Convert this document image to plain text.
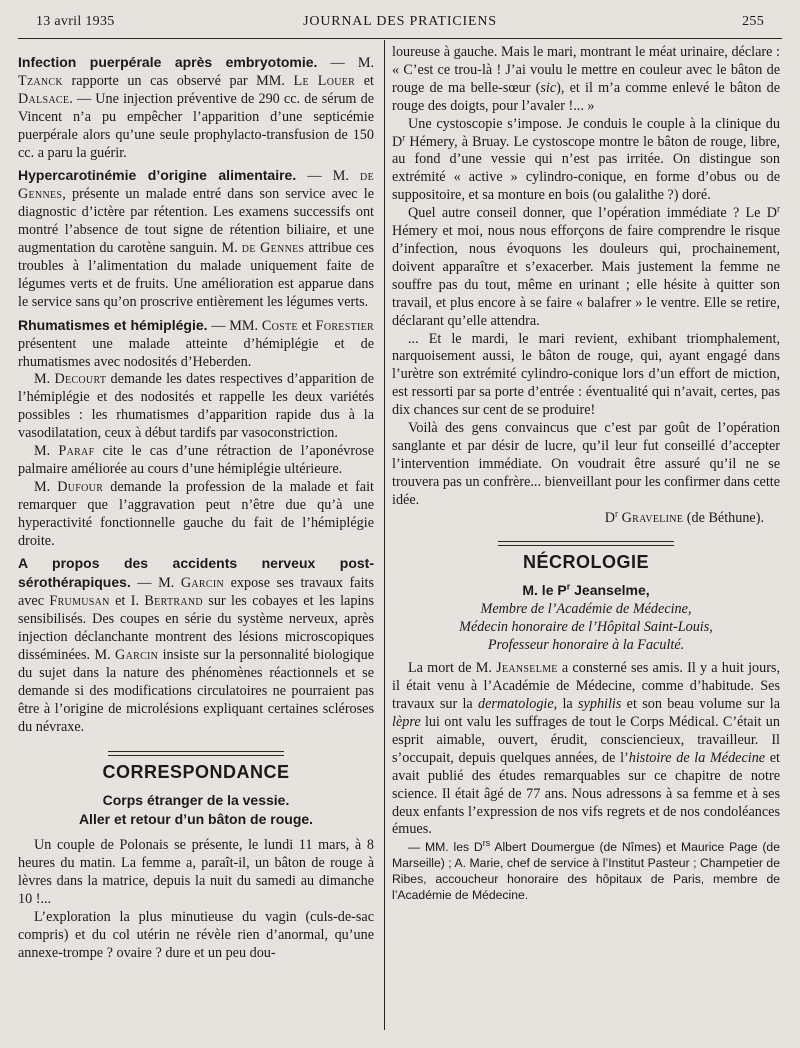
13 avril 1935	JOURNAL DES PRATICIENS	255

Infection puerpérale après embryotomie. — M. Tzanck rapporte un cas observé par MM. Le Louer et Dalsace. — Une injection préventive de 290 cc. de sérum de Vincent n’a pu empêcher l’apparition d’une septicémie puerpérale alors qu’une seule prophylacto-transfusion de 150 cc. a paru la guérir.

Hypercarotinémie d’origine alimentaire. — M. de Gennes, présente un malade entré dans son service avec le diagnostic d’ictère par rétention. Les examens successifs ont montré l’absence de tout signe de rétention biliaire, et une augmentation du carotène sanguin. M. de Gennes attribue ces troubles à l’alimentation du malade uniquement faite de légumes verts et de fruits. Une amélioration est apparue dans le service sans qu’on proscrive entièrement les légumes verts.

Rhumatismes et hémiplégie. — MM. Coste et Forestier présentent une malade atteinte d’hémiplégie et de rhumatismes avec nodosités d’Heberden.

M. Decourt demande les dates respectives d’apparition de l’hémiplégie et des nodosités et rappelle les deux variétés possibles : les rhumatismes d’apparition rapide dus à la vasodilatation, ceux à début tardifs par vasoconstriction.

M. Paraf cite le cas d’une rétraction de l’aponévrose palmaire améliorée au cours d’une hémiplégie ultérieure.

M. Dufour demande la profession de la malade et fait remarquer que l’aggravation peut n’être due qu’à une hyperactivité fonctionnelle gauche du fait de l’hémiplégie droite.

A propos des accidents nerveux post-sérothérapiques. — M. Garcin expose ses travaux faits avec Frumusan et I. Bertrand sur les cobayes et les lapins sensibilisés. Des coupes en série du système nerveux, après injection déclanchante montrent des lésions microscopiques disséminées. M. Garcin insiste sur la personnalité biologique du sujet dans la nature des phénomènes réactionnels et se demande si des modifications circulatoires ne pourraient pas être à l’origine de microlésions expliquant certaines scléroses du névraxe.

CORRESPONDANCE
Corps étranger de la vessie.
Aller et retour d’un bâton de rouge.

Un couple de Polonais se présente, le lundi 11 mars, à 8 heures du matin. La femme a, paraît-il, un bâton de rouge à lèvres dans la matrice, depuis la nuit du samedi au dimanche 10 !...

L’exploration la plus minutieuse du vagin (culs-de-sac compris) et du col utérin ne révèle rien d’anormal, qu’une annexe-trompe ? ovaire ? dure et un peu dou-

loureuse à gauche. Mais le mari, montrant le méat urinaire, déclare : « C’est ce trou-là ! J’ai voulu le mettre en couleur avec le bâton de rouge de ma belle-sœur (sic), et il m’a comme enlevé le bâton de rouge des doigts, pour l’avaler !... »

Une cystoscopie s’impose. Je conduis le couple à la clinique du $D^r$ Hémery, à Bruay. Le cystoscope montre le bâton de rouge, libre, au fond d’une vessie qui n’est pas irritée. On distingue son extrémité « active » cylindro-conique, en forme d’obus ou de suppositoire, et sa monture en bois (ou galalithe ?) doré.

Quel autre conseil donner, que l’opération immédiate ? Le $D^r$ Hémery et moi, nous nous efforçons de faire comprendre le risque d’infection, nous évoquons les douleurs qui, prochainement, doivent apparaître et s’exacerber. Mais justement la femme ne souffre pas du tout, même en urinant ; elle hésite à quitter son travail, et plus encore à se faire « balafrer » le ventre. Elle se retire, déclarant qu’elle attendra.

... Et le mardi, le mari revient, exhibant triomphalement, narquoisement aussi, le bâton de rouge, qui, ayant engagé dans l’urètre son extrémité cylindro-conique lors d’un effort de miction, est ressorti par sa porte d’entrée : éventualité qui n’avait, certes, pas dix chances sur cent de se produire!

Voilà des gens convaincus que c’est par goût de l’opération sanglante et par désir de lucre, qu’il leur fut conseillé d’accepter l’intervention immédiate. On voudrait être assuré qu’il ne se trouvera pas un confrère... bienveillant pour les confirmer dans cette idée.

$D^r$ Graveline (de Béthune).

NÉCROLOGIE
M. le $P^r$ Jeanselme,
Membre de l’Académie de Médecine,
Médecin honoraire de l’Hôpital Saint-Louis,
Professeur honoraire à la Faculté.

La mort de M. Jeanselme a consterné ses amis. Il y a huit jours, il était venu à l’Académie de Médecine, comme d’habitude. Ses travaux sur la dermatologie, la syphilis et son beau volume sur la lèpre lui ont valu les suffrages de tout le Corps Médical. C’était un esprit aimable, ouvert, érudit, consciencieux, travailleur. Il s’occupait, depuis quelques années, de l’histoire de la Médecine et avait publié des études remarquables sur ce chapitre de notre science. Il était âgé de 77 ans. Nous adressons à sa femme et à ses deux enfants l’expression de nos vifs regrets et de nos condoléances émues.

— MM. les $D^{rs}$ Albert Doumergue (de Nîmes) et Maurice Page (de Marseille) ; A. Marie, chef de service à l’Institut Pasteur ; Champetier de Ribes, accoucheur honoraire des hôpitaux de Paris, membre de l’Académie de Médecine.
